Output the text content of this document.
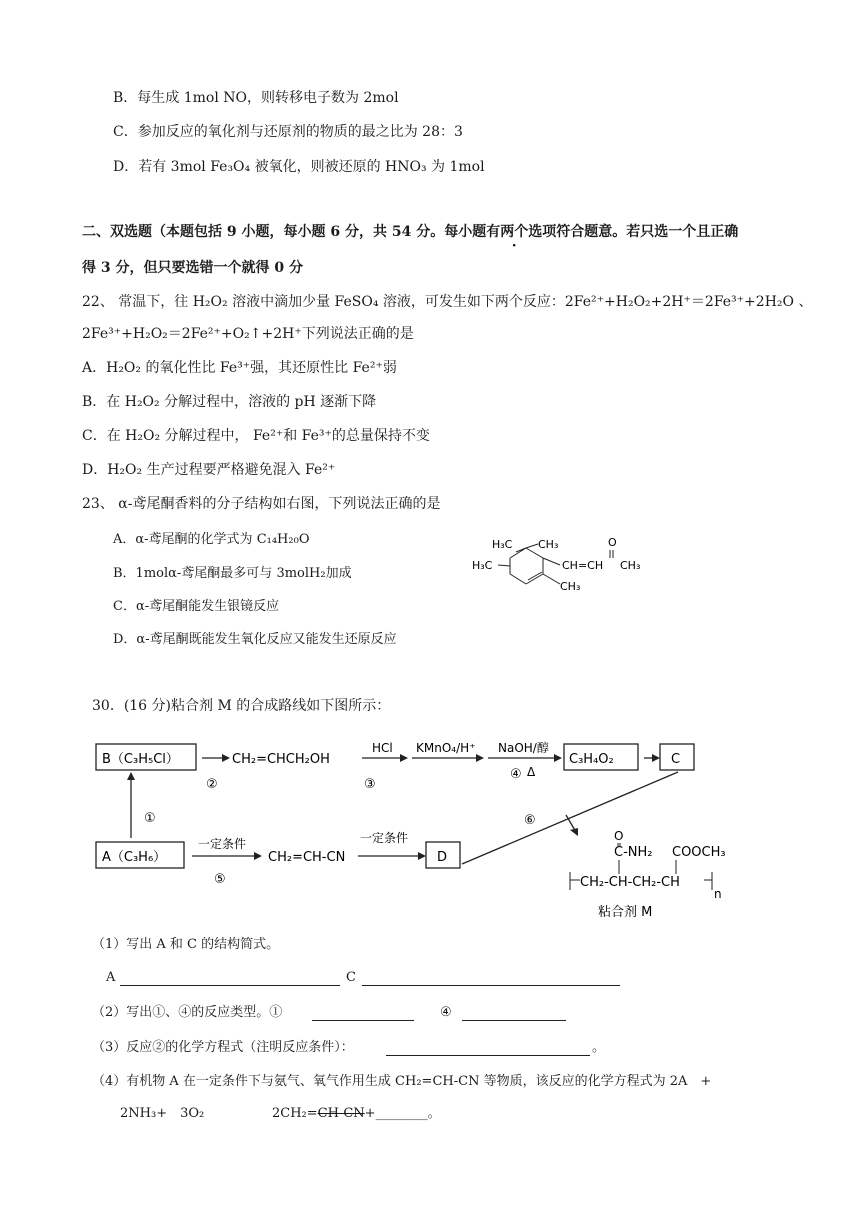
B．每生成 1mol NO，则转移电子数为 2mol
C．参加反应的氧化剂与还原剂的物质的最之比为 28：3
D．若有 3mol Fe₃O₄ 被氧化，则被还原的 HNO₃ 为 1mol
二、双选题（本题包括 9 小题，每小题 6 分，共 54 分。每小题有两个选项符合题意。若只选一个且正确
得 3 分，但只要选错一个就得 0 分
22、 常温下，往 H₂O₂ 溶液中滴加少量 FeSO₄ 溶液，可发生如下两个反应：2Fe²⁺+H₂O₂+2H⁺＝2Fe³⁺+2H₂O 、
2Fe³⁺+H₂O₂＝2Fe²⁺+O₂↑+2H⁺下列说法正确的是
A．H₂O₂ 的氧化性比 Fe³⁺强，其还原性比 Fe²⁺弱
B．在 H₂O₂ 分解过程中，溶液的 pH 逐渐下降
C．在 H₂O₂ 分解过程中， Fe²⁺和 Fe³⁺的总量保持不变
D．H₂O₂ 生产过程要严格避免混入 Fe²⁺
23、 α-鸢尾酮香料的分子结构如右图，下列说法正确的是
A．α-鸢尾酮的化学式为 C₁₄H₂₀O
B．1molα-鸢尾酮最多可与 3molH₂加成
C．α-鸢尾酮能发生银镜反应
D．α-鸢尾酮既能发生氧化反应又能发生还原反应
H₃C CH₃
H₃C	CH=CH
O
CH₃
CH₃
30．(16 分)粘合剂 M 的合成路线如下图所示：
B（C₃H₅Cl）	CH₂=CHCH₂OH
HCl KMnO₄/H⁺ NaOH/醇
Δ
C₃H₄O₂	C
②	③
④
①	⑥
A（C₃H₆）
一定条件
⑤
CH₂=CH-CN
一定条件
D
O
C-NH₂ COOCH₃
CH₂-CH-CH₂-CH
n
粘合剂 M
（1）写出 A 和 C 的结构简式。
A	C
（2）写出①、④的反应类型。①	④
（3）反应②的化学方程式（注明反应条件）：	。
（4）有机物 A 在一定条件下与氨气、氧气作用生成 CH₂=CH-CN 等物质，该反应的化学方程式为 2A　+
2NH₃+　3O₂	2CH₂=CH-CN+________。
